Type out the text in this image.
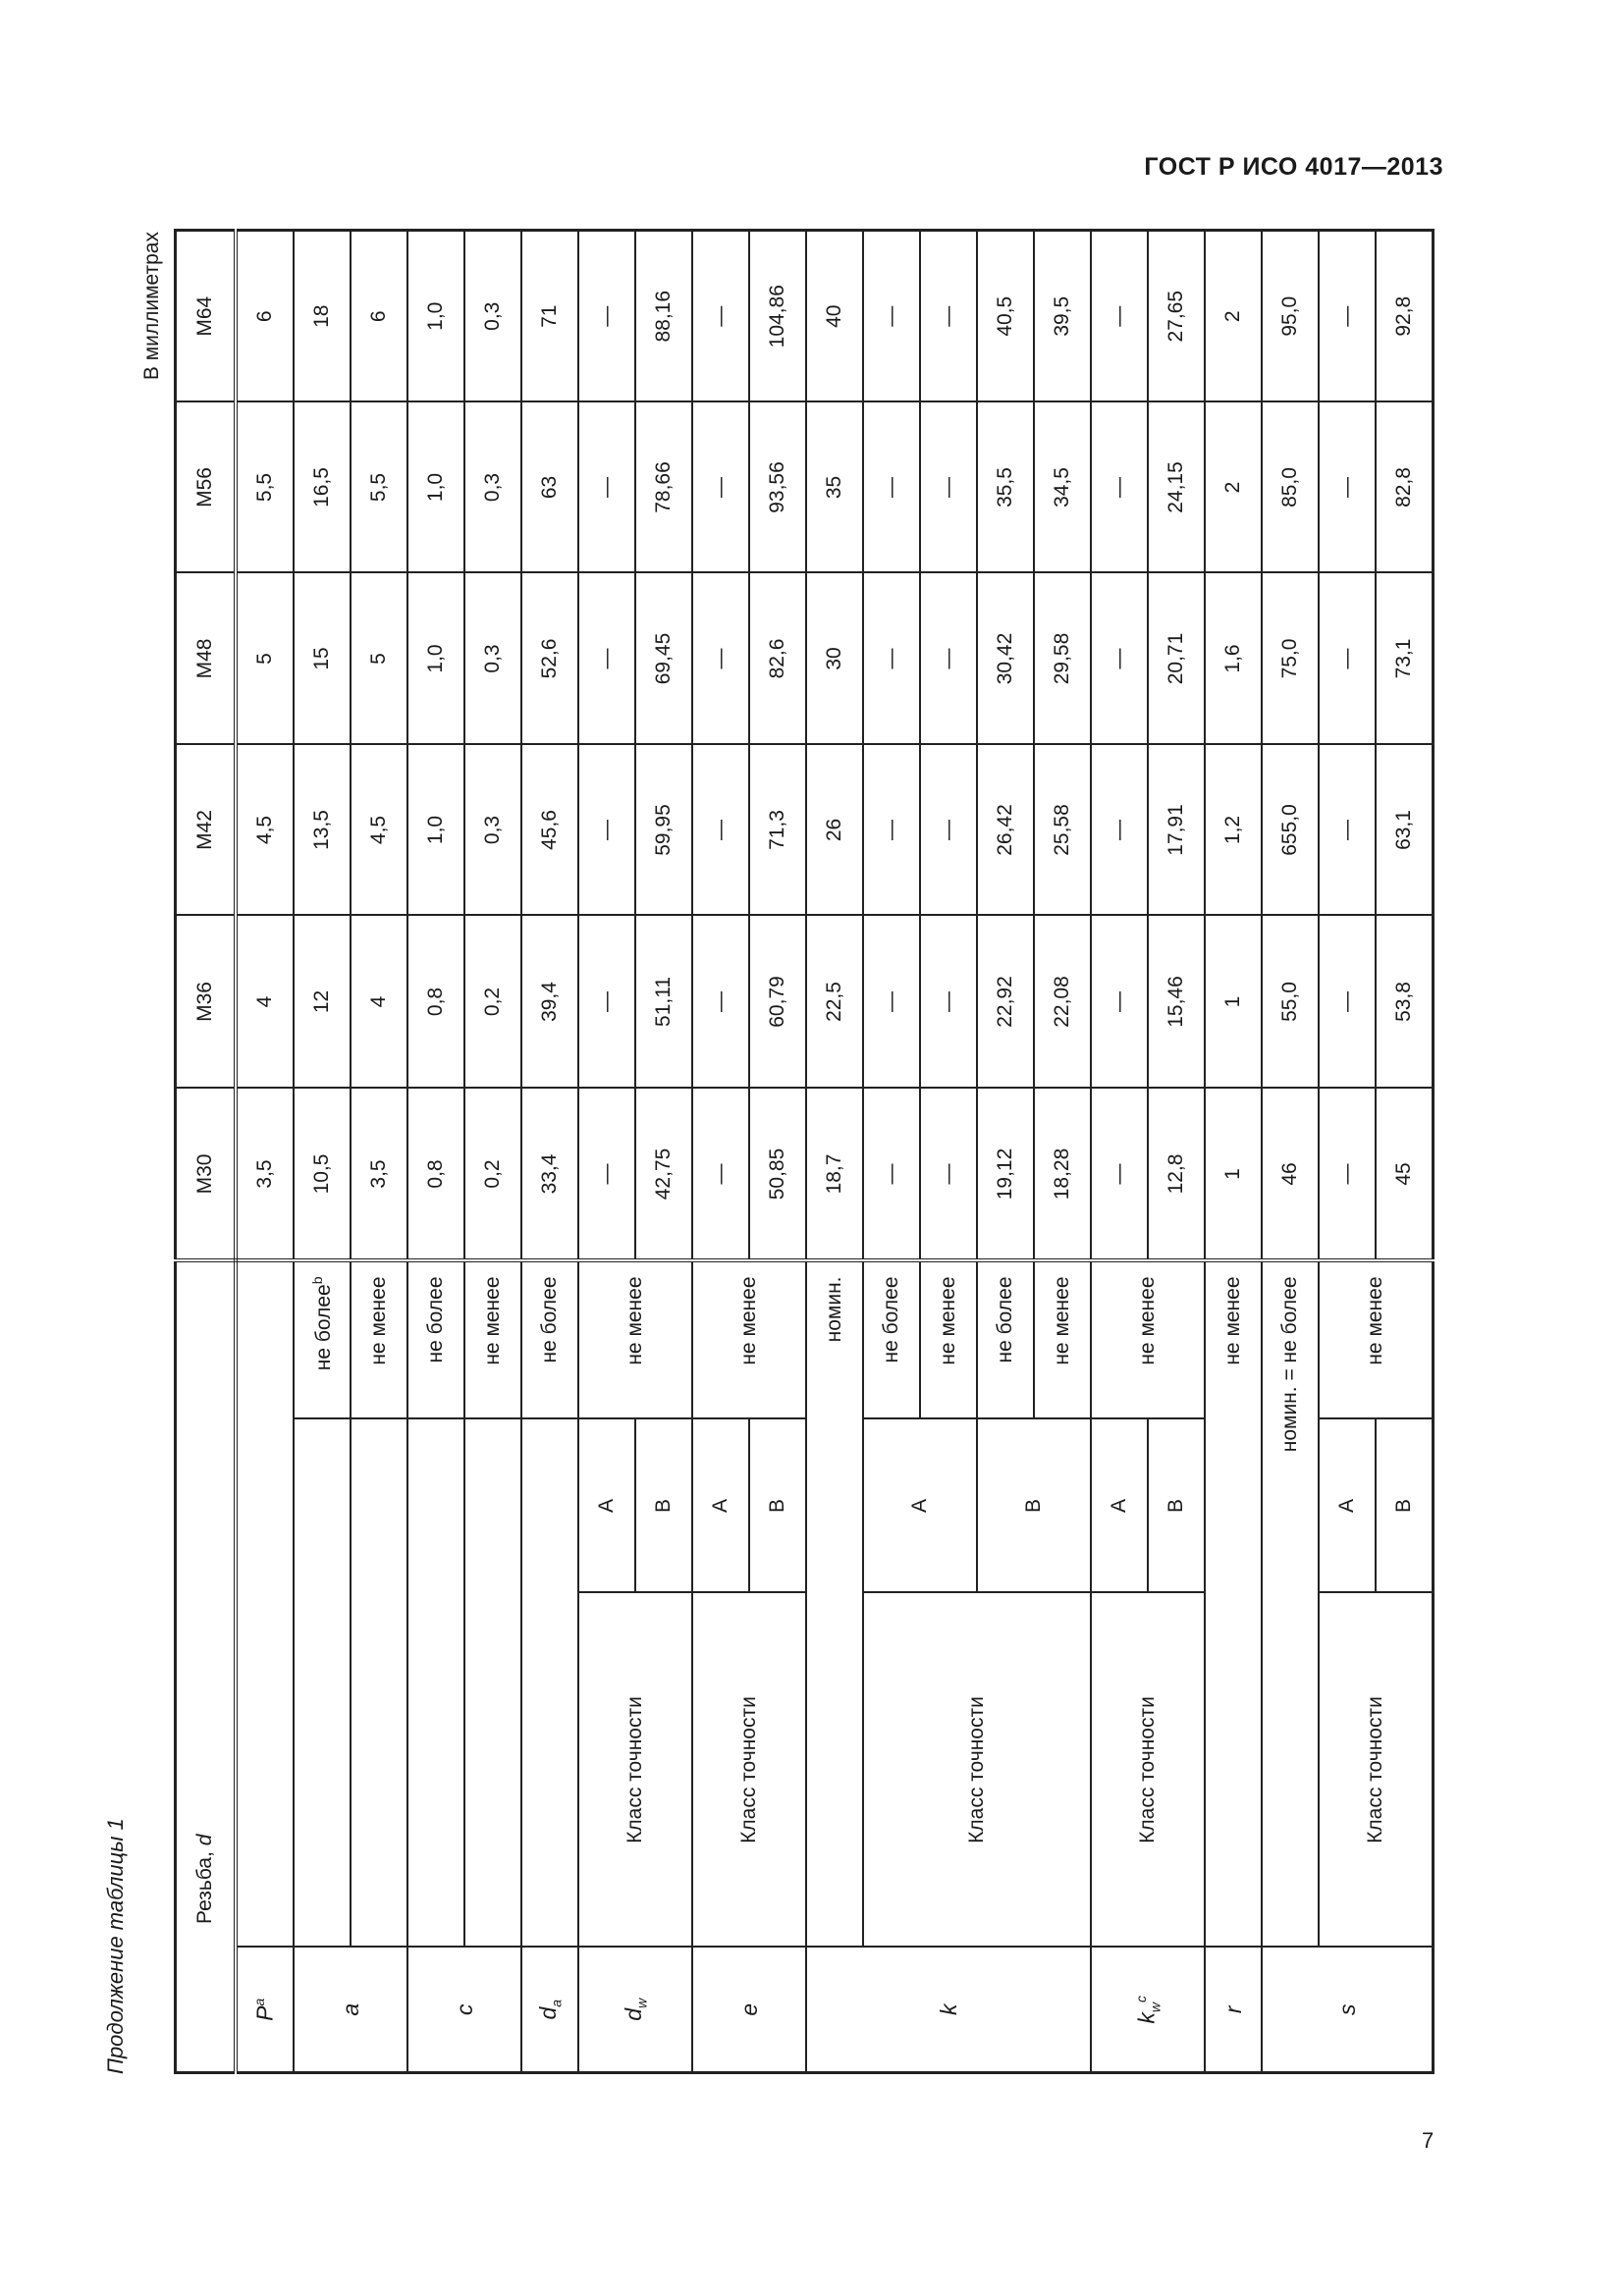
ГОСТ Р ИСО 4017—2013
7
Продолжение таблицы 1
В миллиметрах
Резьба, d				M30	M36	M42	M48	M56	M64
$P^a$				3,5	4	4,5	5	5,5	6
a			не более$^b$	10,5	12	13,5	15	16,5	18
			не менее	3,5	4	4,5	5	5,5	6
c			не более	0,8	0,8	1,0	1,0	1,0	1,0
			не менее	0,2	0,2	0,3	0,3	0,3	0,3
$d_a$			не более	33,4	39,4	45,6	52,6	63	71
$d_w$	Класс точности	A	не менее	—	—	—	—	—	—
		B		42,75	51,11	59,95	69,45	78,66	88,16
e	Класс точности	A	не менее	—	—	—	—	—	—
		B		50,85	60,79	71,3	82,6	93,56	104,86
k	номин.			18,7	22,5	26	30	35	40
	Класс точности	A	не более	—	—	—	—	—	—
			не менее	—	—	—	—	—	—
		B	не более	19,12	22,92	26,42	30,42	35,5	40,5
			не менее	18,28	22,08	25,58	29,58	34,5	39,5
$k_w^c$	Класс точности	A	не менее	—	—	—	—	—	—
		B		12,8	15,46	17,91	20,71	24,15	27,65
r	не менее			1	1	1,2	1,6	2	2
s	номин. = не более			46	55,0	655,0	75,0	85,0	95,0
	Класс точности	A	не менее	—	—	—	—	—	—
		B		45	53,8	63,1	73,1	82,8	92,8
